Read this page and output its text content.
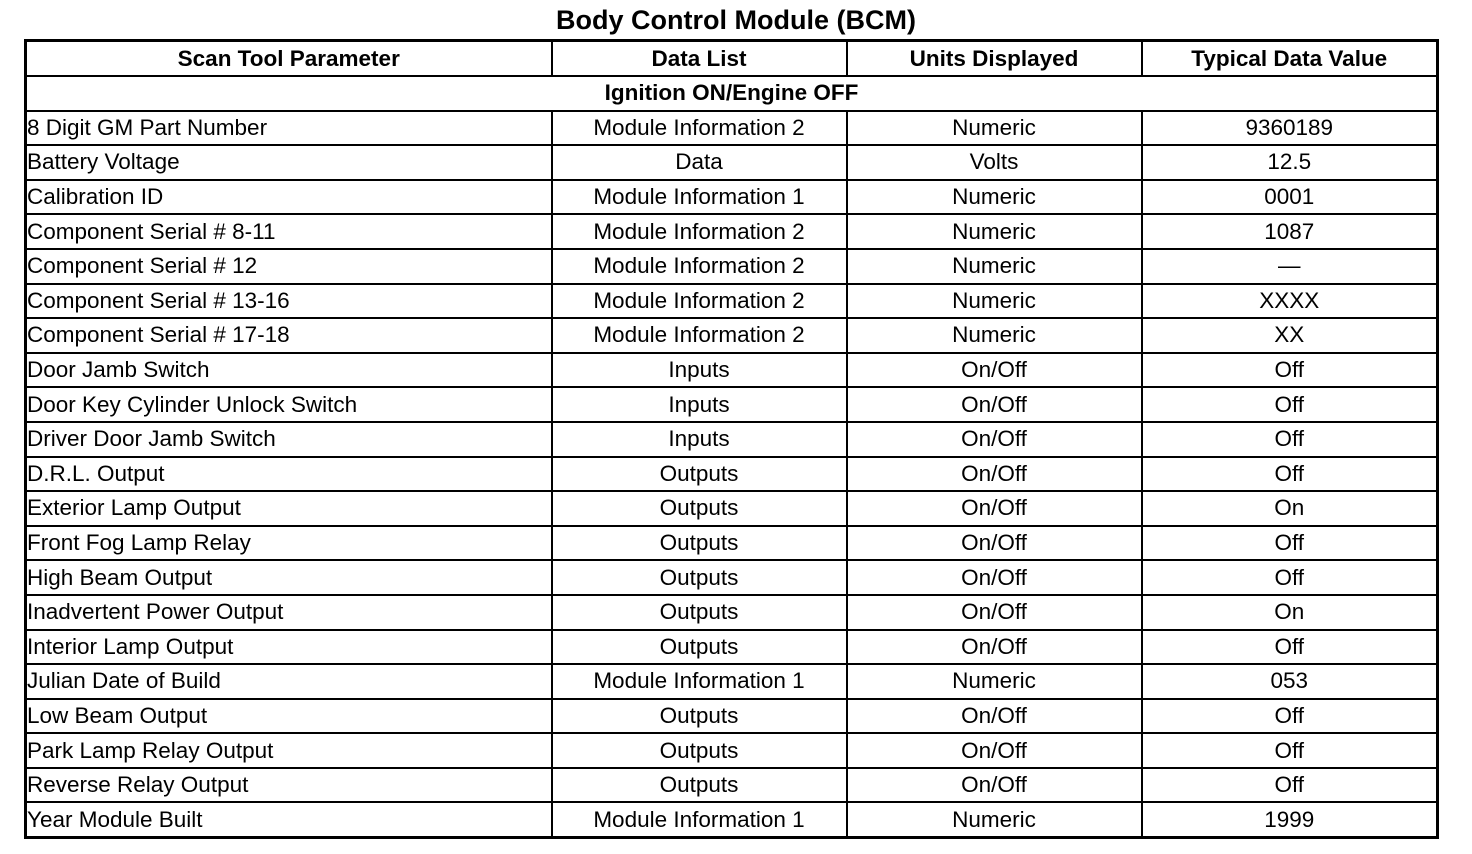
Body Control Module (BCM)
Scan Tool Parameter	Data List	Units Displayed	Typical Data Value
Ignition ON/Engine OFF			
8 Digit GM Part Number	Module Information 2	Numeric	9360189
Battery Voltage	Data	Volts	12.5
Calibration ID	Module Information 1	Numeric	0001
Component Serial # 8-11	Module Information 2	Numeric	1087
Component Serial # 12	Module Information 2	Numeric	—
Component Serial # 13-16	Module Information 2	Numeric	XXXX
Component Serial # 17-18	Module Information 2	Numeric	XX
Door Jamb Switch	Inputs	On/Off	Off
Door Key Cylinder Unlock Switch	Inputs	On/Off	Off
Driver Door Jamb Switch	Inputs	On/Off	Off
D.R.L. Output	Outputs	On/Off	Off
Exterior Lamp Output	Outputs	On/Off	On
Front Fog Lamp Relay	Outputs	On/Off	Off
High Beam Output	Outputs	On/Off	Off
Inadvertent Power Output	Outputs	On/Off	On
Interior Lamp Output	Outputs	On/Off	Off
Julian Date of Build	Module Information 1	Numeric	053
Low Beam Output	Outputs	On/Off	Off
Park Lamp Relay Output	Outputs	On/Off	Off
Reverse Relay Output	Outputs	On/Off	Off
Year Module Built	Module Information 1	Numeric	1999
